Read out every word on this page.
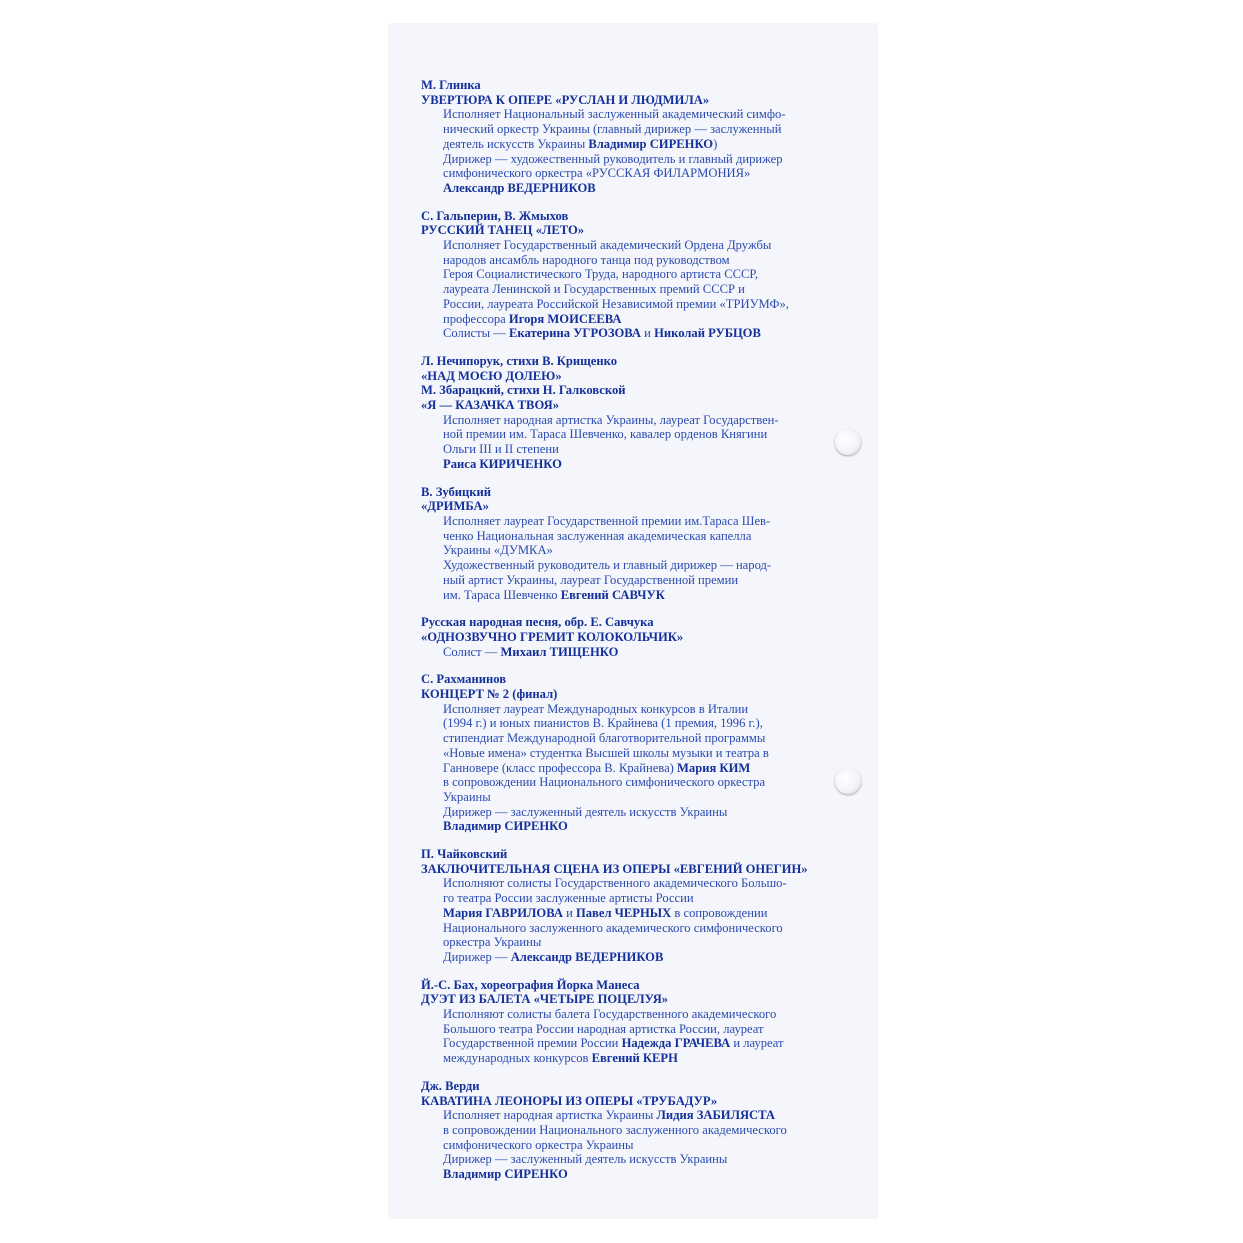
М. Глинка
УВЕРТЮРА К ОПЕРЕ «РУСЛАН И ЛЮДМИЛА»
Исполняет Национальный заслуженный академический симфо-
нический оркестр Украины (главный дирижер — заслуженный
деятель искусств Украины Владимир СИРЕНКО)
Дирижер — художественный руководитель и главный дирижер
симфонического оркестра «РУССКАЯ ФИЛАРМОНИЯ»
Александр ВЕДЕРНИКОВ
С. Гальперин, В. Жмыхов
РУССКИЙ ТАНЕЦ «ЛЕТО»
Исполняет Государственный академический Ордена Дружбы
народов ансамбль народного танца под руководством
Героя Социалистического Труда, народного артиста СССР,
лауреата Ленинской и Государственных премий СССР и
России, лауреата Российской Независимой премии «ТРИУМФ»,
профессора Игоря МОИСЕЕВА
Солисты — Екатерина УГРОЗОВА и Николай РУБЦОВ
Л. Нечипорук, стихи В. Крищенко
«НАД МОЄЮ ДОЛЕЮ»
М. Збарацкий, стихи Н. Галковской
«Я — КАЗАЧКА ТВОЯ»
Исполняет народная артистка Украины, лауреат Государствен-
ной премии им. Тараса Шевченко, кавалер орденов Княгини
Ольги III и II степени
Раиса КИРИЧЕНКО
В. Зубицкий
«ДРИМБА»
Исполняет лауреат Государственной премии им.Тараса Шев-
ченко Национальная заслуженная академическая капелла
Украины «ДУМКА»
Художественный руководитель и главный дирижер — народ-
ный артист Украины, лауреат Государственной премии
им. Тараса Шевченко Евгений САВЧУК
Русская народная песня, обр. Е. Савчука
«ОДНОЗВУЧНО ГРЕМИТ КОЛОКОЛЬЧИК»
Солист — Михаил ТИЩЕНКО
С. Рахманинов
КОНЦЕРТ № 2 (финал)
Исполняет лауреат Международных конкурсов в Италии
(1994 г.) и юных пианистов В. Крайнева (1 премия, 1996 г.),
стипендиат Международной благотворительной программы
«Новые имена» студентка Высшей школы музыки и театра в
Ганновере (класс профессора В. Крайнева) Мария КИМ
в сопровождении Национального симфонического оркестра
Украины
Дирижер — заслуженный деятель искусств Украины
Владимир СИРЕНКО
П. Чайковский
ЗАКЛЮЧИТЕЛЬНАЯ СЦЕНА ИЗ ОПЕРЫ «ЕВГЕНИЙ ОНЕГИН»
Исполняют солисты Государственного академического Большо-
го театра России заслуженные артисты России
Мария ГАВРИЛОВА и Павел ЧЕРНЫХ в сопровождении
Национального заслуженного академического симфонического
оркестра Украины
Дирижер — Александр ВЕДЕРНИКОВ
Й.-С. Бах, хореография Йорка Манеса
ДУЭТ ИЗ БАЛЕТА «ЧЕТЫРЕ ПОЦЕЛУЯ»
Исполняют солисты балета Государственного академического
Большого театра России народная артистка России, лауреат
Государственной премии России Надежда ГРАЧЕВА и лауреат
международных конкурсов Евгений КЕРН
Дж. Верди
КАВАТИНА ЛЕОНОРЫ ИЗ ОПЕРЫ «ТРУБАДУР»
Исполняет народная артистка Украины Лидия ЗАБИЛЯСТА
в сопровождении Национального заслуженного академического
симфонического оркестра Украины
Дирижер — заслуженный деятель искусств Украины
Владимир СИРЕНКО
